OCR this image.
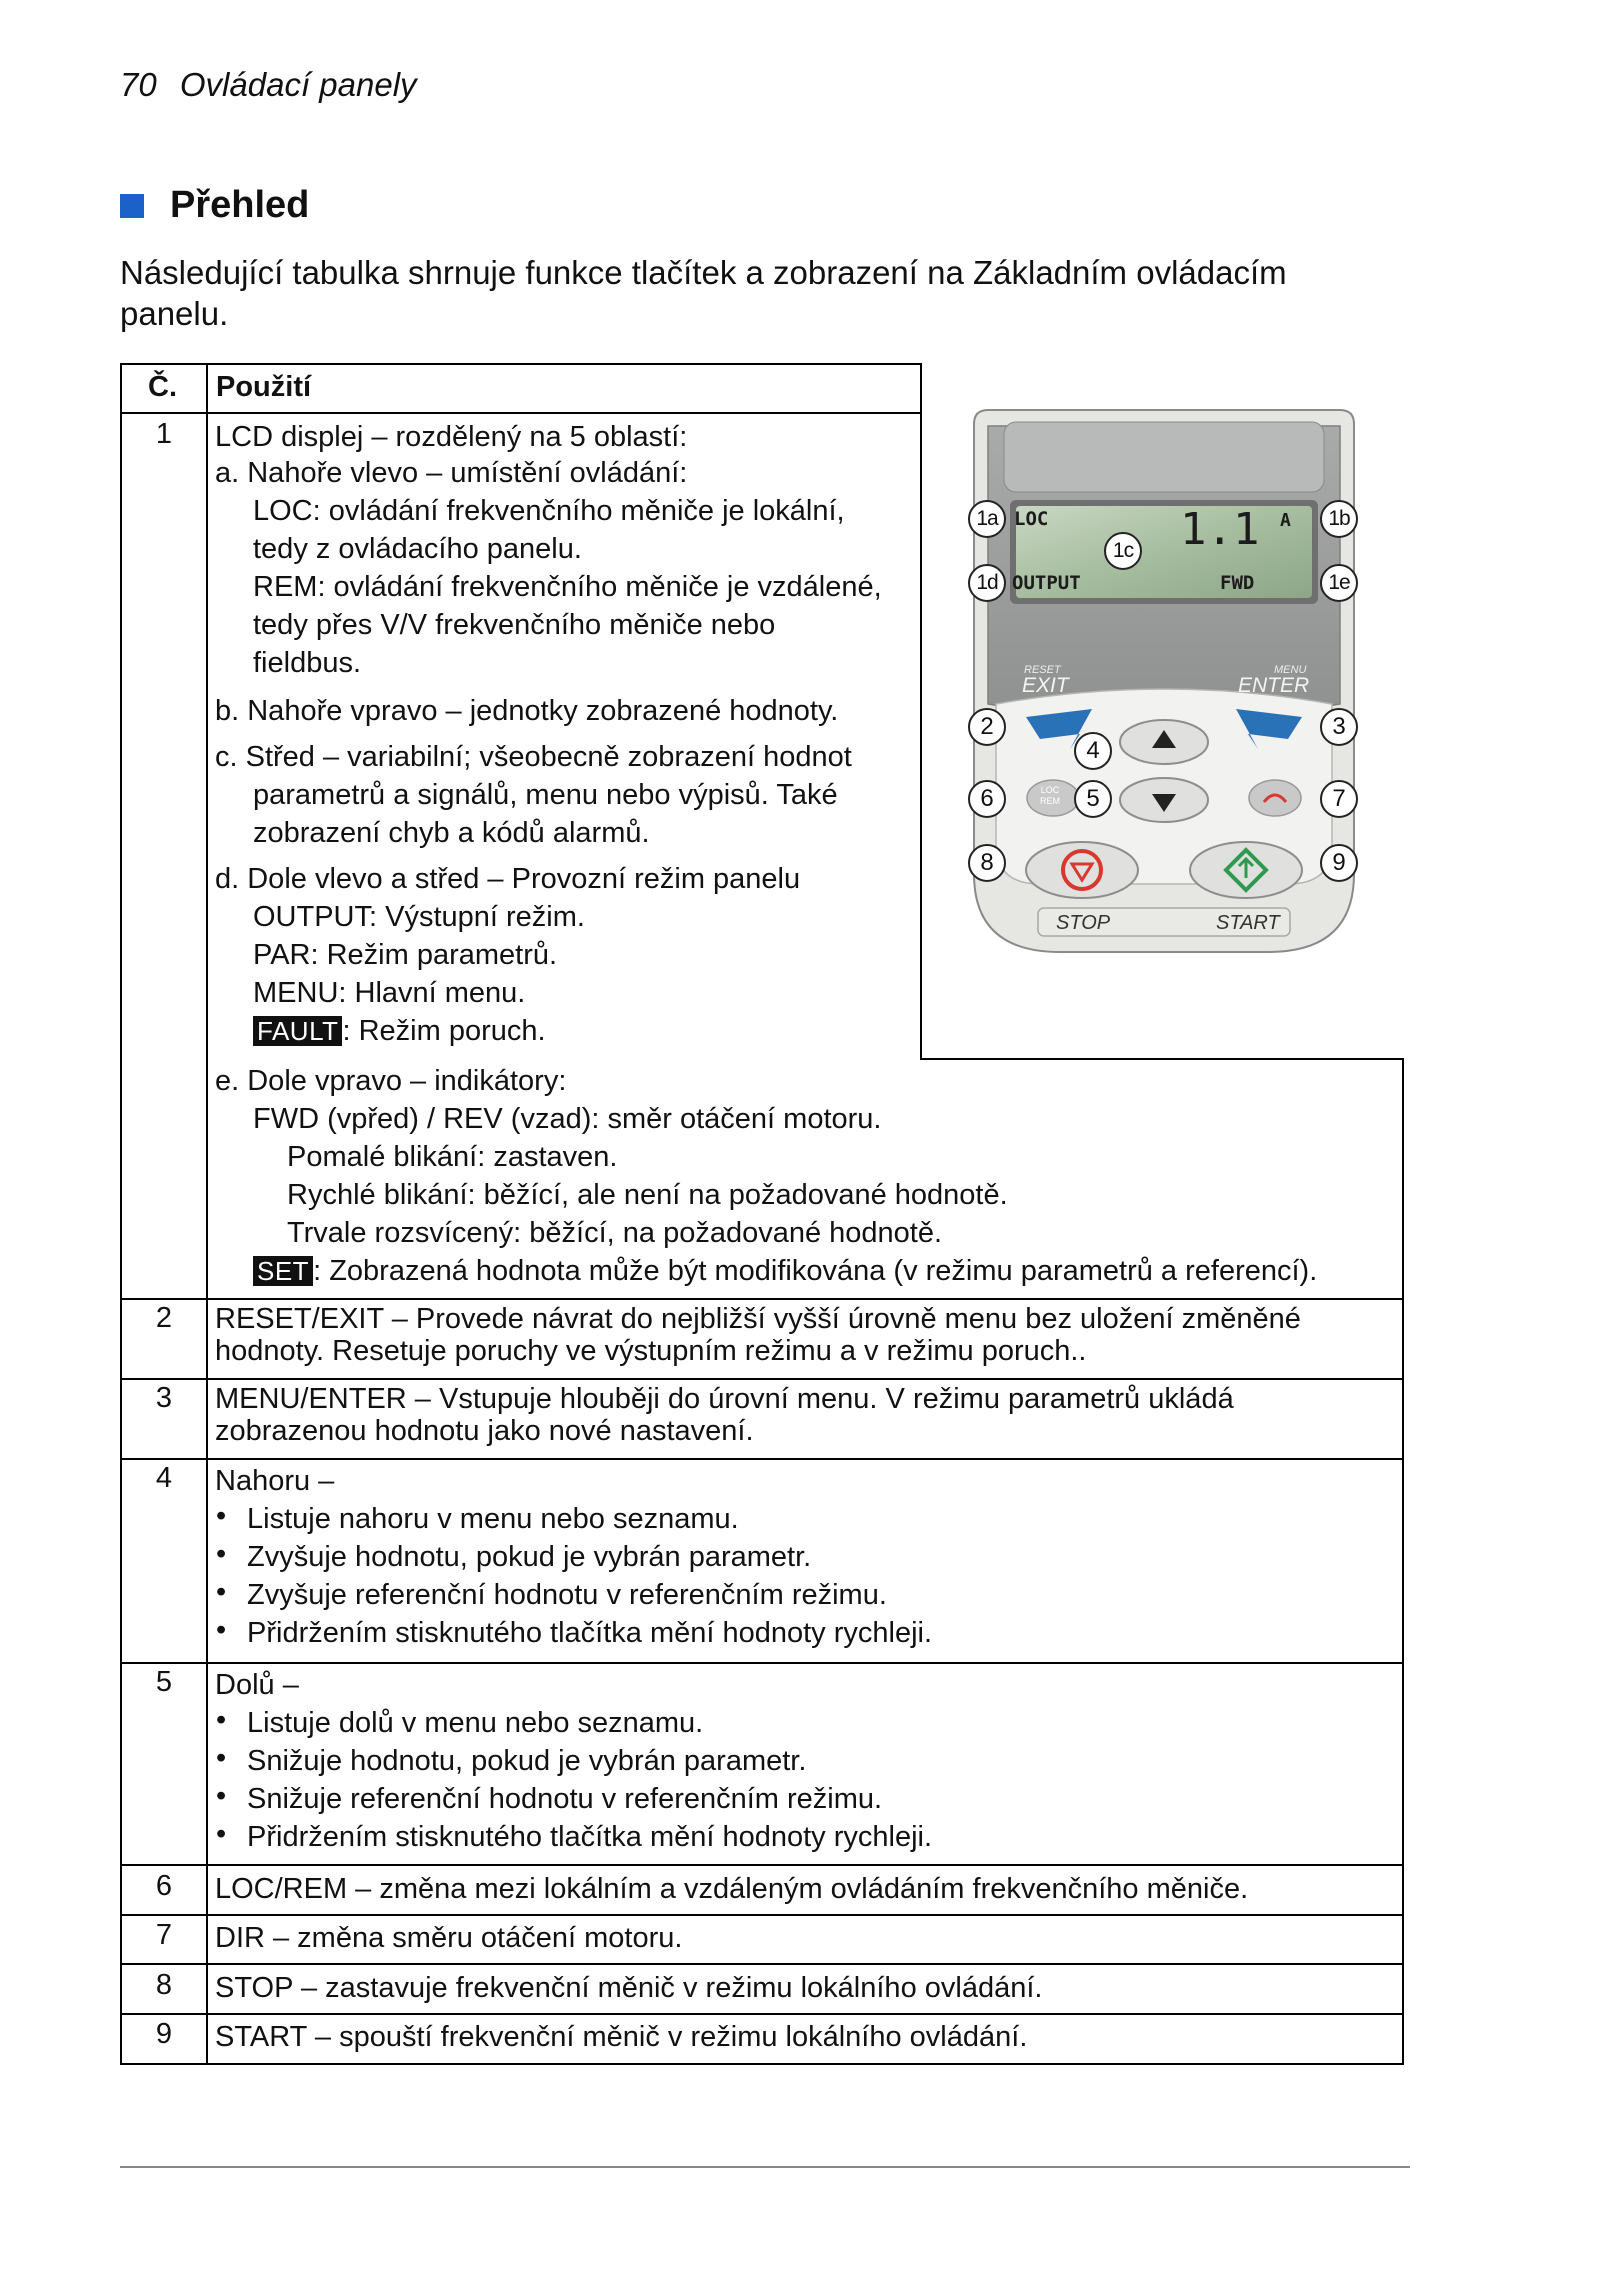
70 Ovládací panely
Přehled
Následující tabulka shrnuje funkce tlačítek a zobrazení na Základním ovládacím panelu.
Č. Použití
1	LCD displej – rozdělený na 5 oblastí:
a. Nahoře vlevo – umístění ovládání:
LOC: ovládání frekvenčního měniče je lokální,
tedy z ovládacího panelu.
REM: ovládání frekvenčního měniče je vzdálené,
tedy přes V/V frekvenčního měniče nebo
fieldbus.
b. Nahoře vpravo – jednotky zobrazené hodnoty.
c. Střed – variabilní; všeobecně zobrazení hodnot
parametrů a signálů, menu nebo výpisů. Také
zobrazení chyb a kódů alarmů.
d. Dole vlevo a střed – Provozní režim panelu
OUTPUT: Výstupní režim.
PAR: Režim parametrů.
MENU: Hlavní menu.
FAULT : Režim poruch.
e. Dole vpravo – indikátory:
FWD (vpřed) / REV (vzad): směr otáčení motoru.
Pomalé blikání: zastaven.
Rychlé blikání: běžící, ale není na požadované hodnotě.
Trvale rozsvícený: běžící, na požadované hodnotě.
SET : Zobrazená hodnota může být modifikována (v režimu parametrů a referencí).
2	RESET/EXIT – Provede návrat do nejbližší vyšší úrovně menu bez uložení změněné
hodnoty. Resetuje poruchy ve výstupním režimu a v režimu poruch..
3	MENU/ENTER – Vstupuje hlouběji do úrovní menu. V režimu parametrů ukládá
zobrazenou hodnotu jako nové nastavení.
4	Nahoru –
• Listuje nahoru v menu nebo seznamu.
• Zvyšuje hodnotu, pokud je vybrán parametr.
• Zvyšuje referenční hodnotu v referenčním režimu.
• Přidržením stisknutého tlačítka mění hodnoty rychleji.
5	Dolů –
• Listuje dolů v menu nebo seznamu.
• Snižuje hodnotu, pokud je vybrán parametr.
• Snižuje referenční hodnotu v referenčním režimu.
• Přidržením stisknutého tlačítka mění hodnoty rychleji.
6	LOC/REM – změna mezi lokálním a vzdáleným ovládáním frekvenčního měniče.
7	DIR – změna směru otáčení motoru.
8	STOP – zastavuje frekvenční měnič v režimu lokálního ovládání.
9	START – spouští frekvenční měnič v režimu lokálního ovládání.
LOC	1.1 A
OUTPUT	FWD
RESET
EXIT
MENU
ENTER
LOC
REM
STOP	START
1a	1b
1c
1d	1e
2	3
4
5
6	7
8	9
